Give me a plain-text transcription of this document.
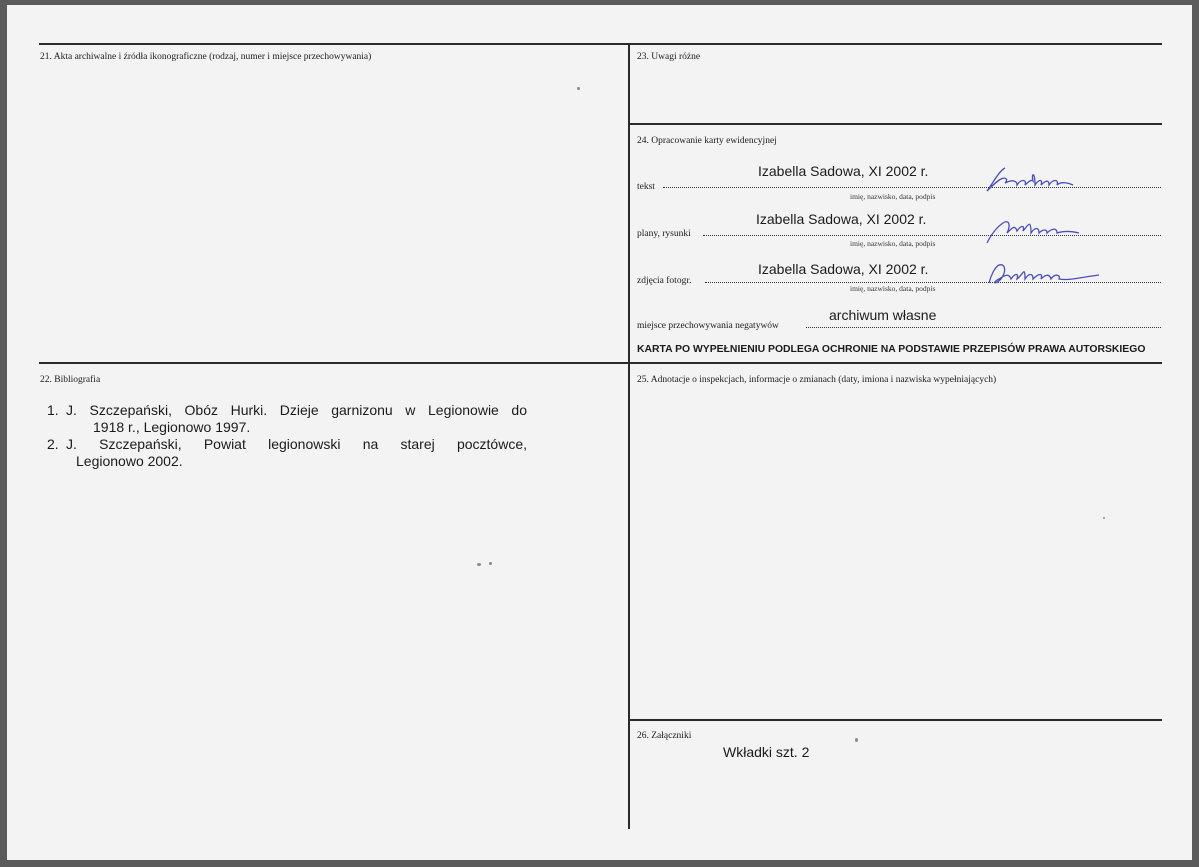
21. Akta archiwalne i źródła ikonograficzne (rodzaj, numer i miejsce przechowywania)
22. Bibliografia
1. J. Szczepański, Obóz Hurki. Dzieje garnizonu w Legionowie do
1918 r., Legionowo 1997.
2. J. Szczepański, Powiat legionowski na starej pocztówce,
Legionowo 2002.
23. Uwagi różne
24. Opracowanie karty ewidencyjnej
tekst
Izabella Sadowa, XI 2002 r.
imię, nazwisko, data, podpis
plany, rysunki
Izabella Sadowa, XI 2002 r.
imię, nazwisko, data, podpis
zdjęcia fotogr.
Izabella Sadowa, XI 2002 r.
imię, nazwisko, data, podpis
miejsce przechowywania negatywów
archiwum własne
KARTA PO WYPEŁNIENIU PODLEGA OCHRONIE NA PODSTAWIE PRZEPISÓW PRAWA AUTORSKIEGO
25. Adnotacje o inspekcjach, informacje o zmianach (daty, imiona i nazwiska wypełniających)
26. Załączniki
Wkładki szt. 2
